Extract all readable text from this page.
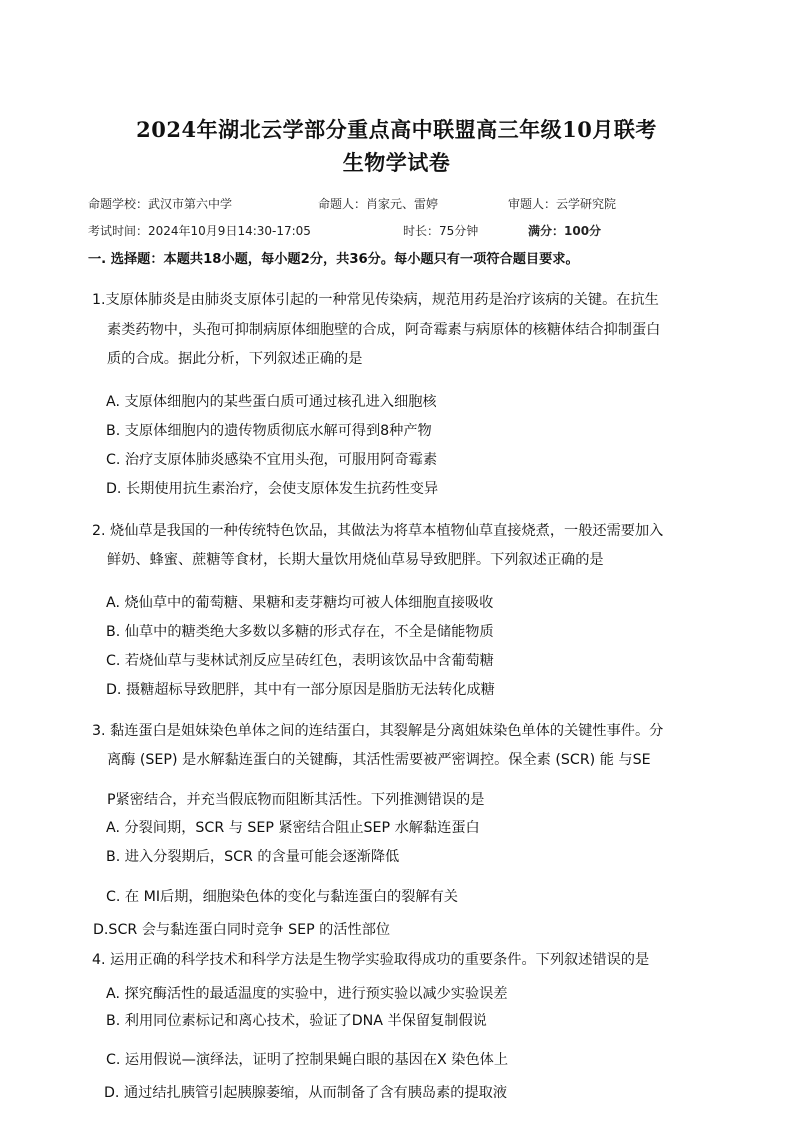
2024年湖北云学部分重点高中联盟高三年级10月联考
生物学试卷
命题学校：武汉市第六中学	命题人：肖家元、雷婷	审题人：云学研究院
考试时间：2024年10月9日14:30-17:05	时长：75分钟	满分：100分
一. 选择题：本题共18小题，每小题2分，共36分。每小题只有一项符合题目要求。
1.支原体肺炎是由肺炎支原体引起的一种常见传染病，规范用药是治疗该病的关键。在抗生
素类药物中，头孢可抑制病原体细胞壁的合成，阿奇霉素与病原体的核糖体结合抑制蛋白
质的合成。据此分析，下列叙述正确的是
A. 支原体细胞内的某些蛋白质可通过核孔进入细胞核
B. 支原体细胞内的遗传物质彻底水解可得到8种产物
C. 治疗支原体肺炎感染不宜用头孢，可服用阿奇霉素
D. 长期使用抗生素治疗，会使支原体发生抗药性变异
2. 烧仙草是我国的一种传统特色饮品，其做法为将草本植物仙草直接烧煮，一般还需要加入
鲜奶、蜂蜜、蔗糖等食材，长期大量饮用烧仙草易导致肥胖。下列叙述正确的是
A. 烧仙草中的葡萄糖、果糖和麦芽糖均可被人体细胞直接吸收
B. 仙草中的糖类绝大多数以多糖的形式存在，不全是储能物质
C. 若烧仙草与斐林试剂反应呈砖红色，表明该饮品中含葡萄糖
D. 摄糖超标导致肥胖，其中有一部分原因是脂肪无法转化成糖
3. 黏连蛋白是姐妹染色单体之间的连结蛋白，其裂解是分离姐妹染色单体的关键性事件。分
离酶 (SEP) 是水解黏连蛋白的关键酶，其活性需要被严密调控。保全素 (SCR) 能 与SE
P紧密结合，并充当假底物而阻断其活性。下列推测错误的是
A. 分裂间期，SCR 与 SEP 紧密结合阻止SEP 水解黏连蛋白
B. 进入分裂期后，SCR 的含量可能会逐渐降低
C. 在 MI后期，细胞染色体的变化与黏连蛋白的裂解有关
D.SCR 会与黏连蛋白同时竞争 SEP 的活性部位
4. 运用正确的科学技术和科学方法是生物学实验取得成功的重要条件。下列叙述错误的是
A. 探究酶活性的最适温度的实验中，进行预实验以减少实验误差
B. 利用同位素标记和离心技术，验证了DNA 半保留复制假说
C. 运用假说—演绎法，证明了控制果蝇白眼的基因在X 染色体上
D. 通过结扎胰管引起胰腺萎缩，从而制备了含有胰岛素的提取液
